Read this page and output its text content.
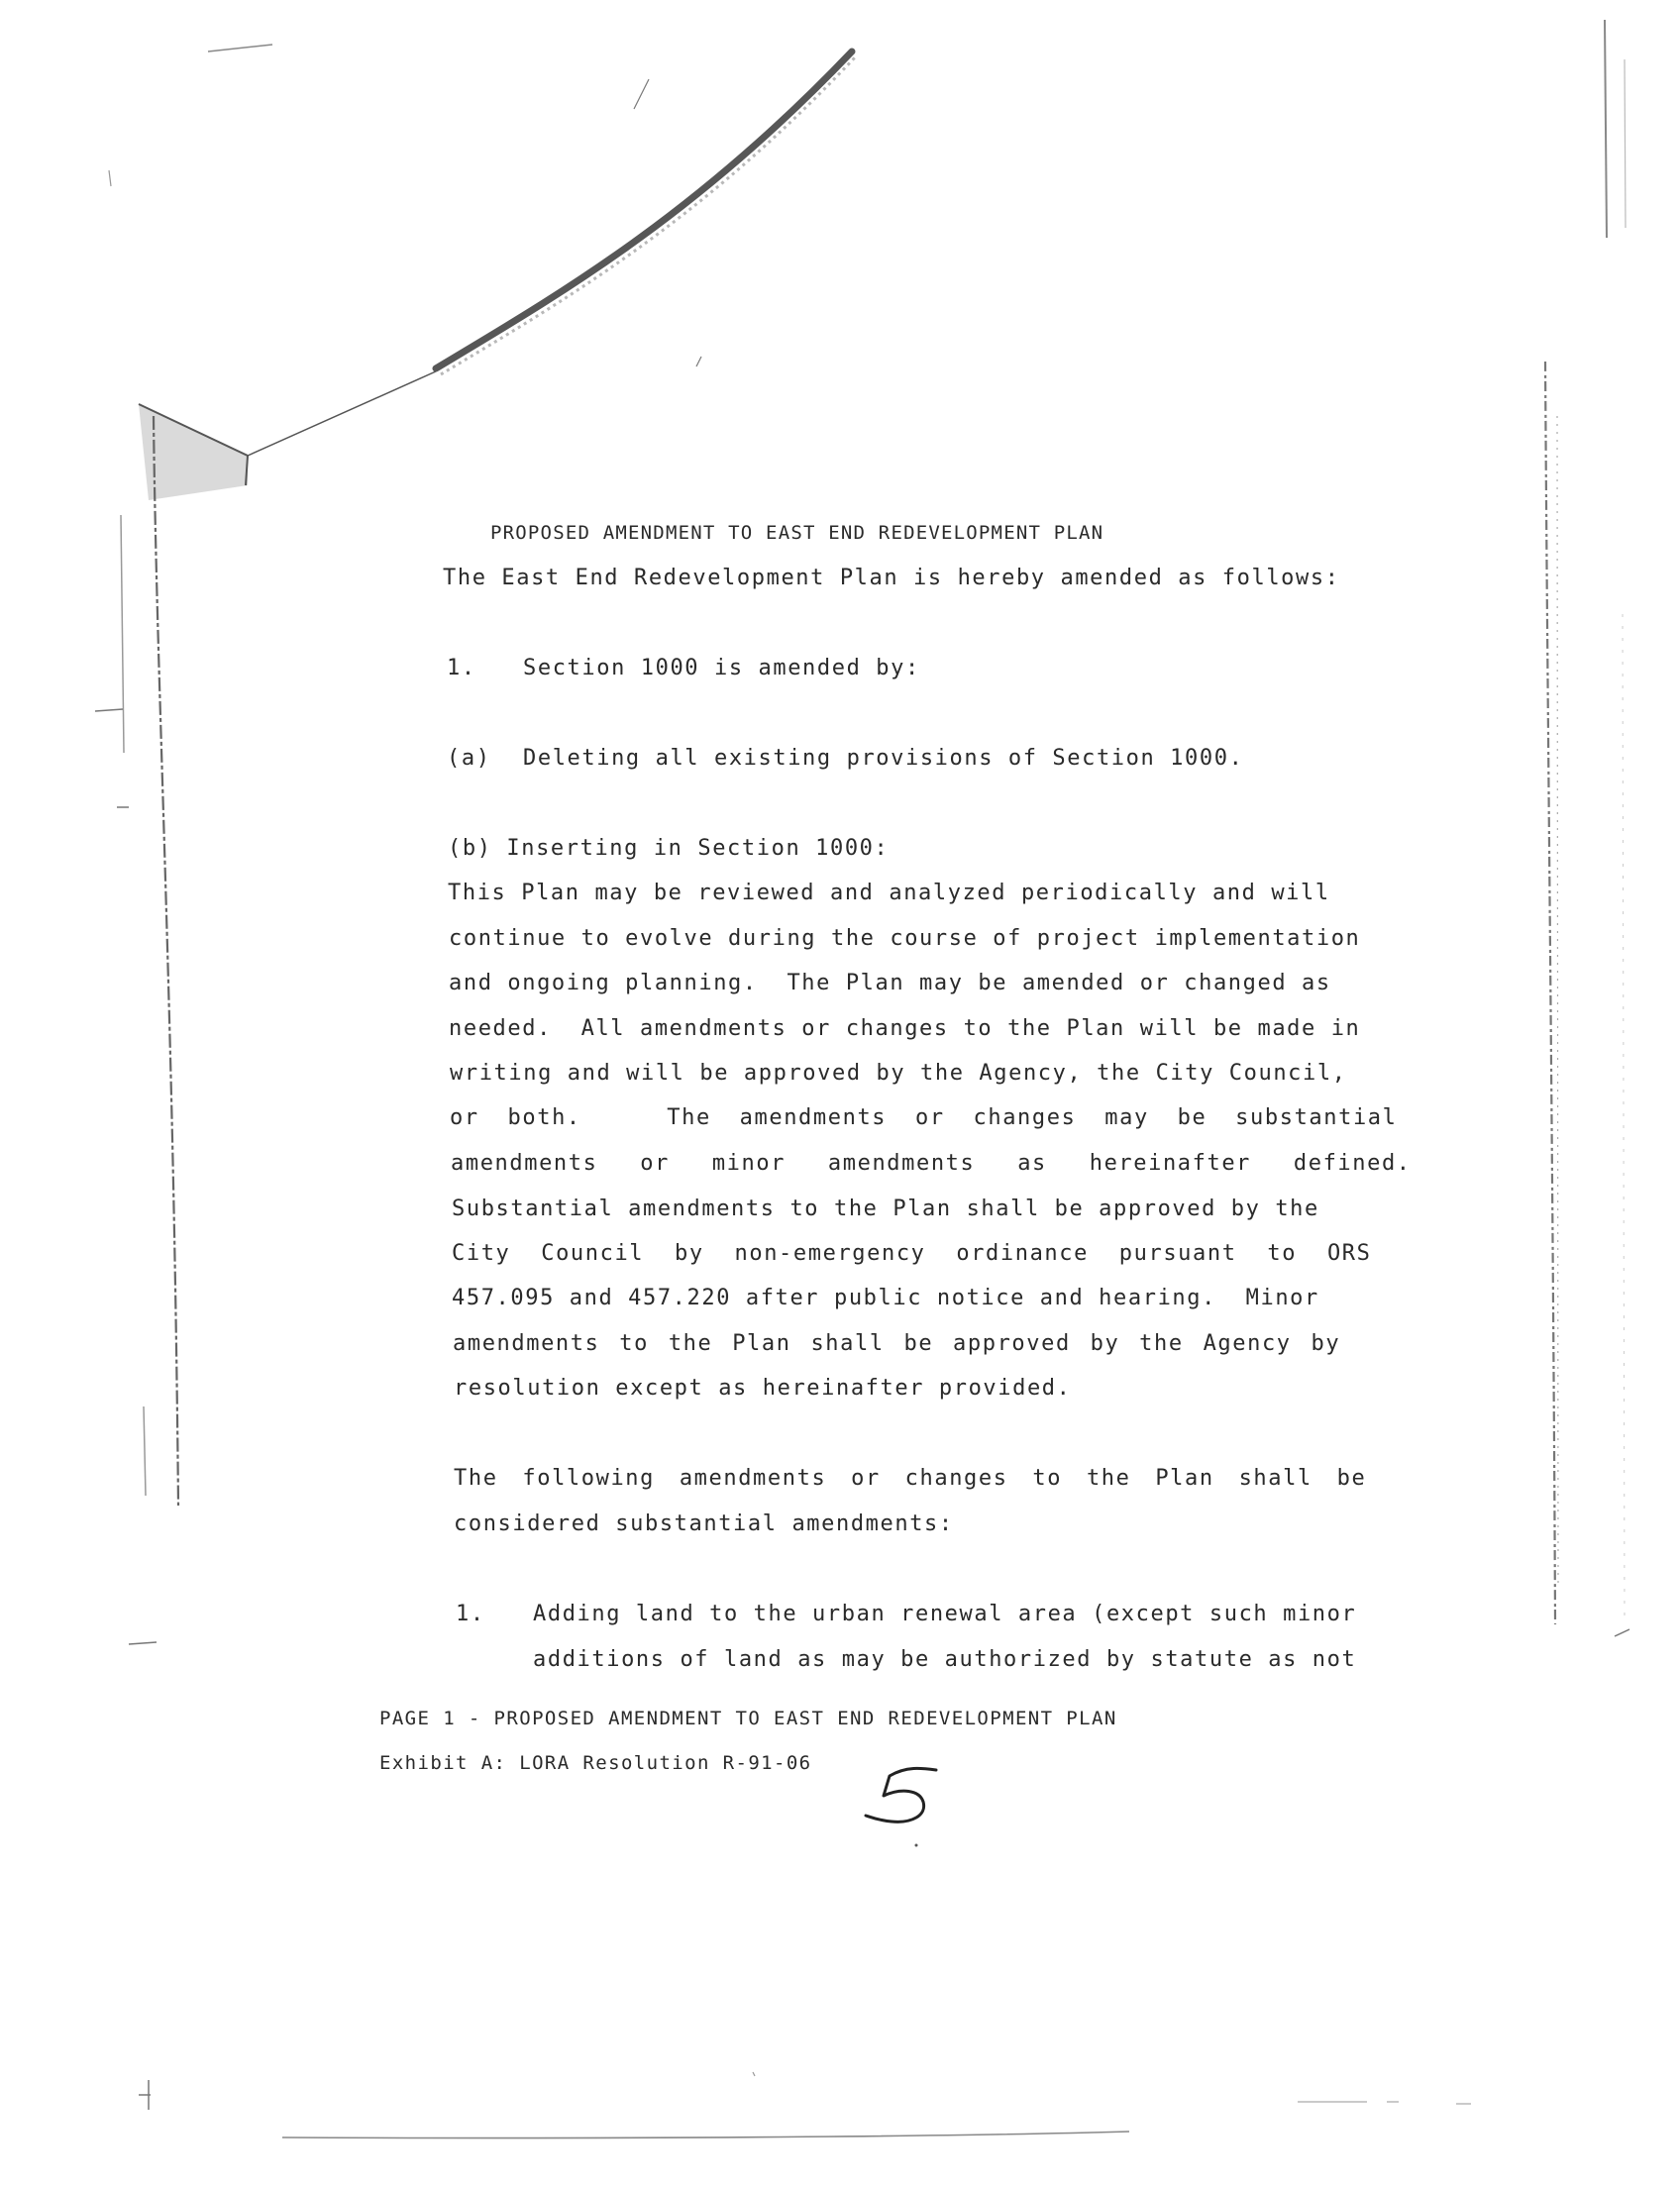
PROPOSED AMENDMENT TO EAST END REDEVELOPMENT PLAN
The East End Redevelopment Plan is hereby amended as follows:
1. Section 1000 is amended by:
(a) Deleting all existing provisions of Section 1000.
(b) Inserting in Section 1000:
This Plan may be reviewed and analyzed periodically and will
continue to evolve during the course of project implementation
and ongoing planning.  The Plan may be amended or changed as
needed.  All amendments or changes to the Plan will be made in
writing and will be approved by the Agency, the City Council,
or both.   The amendments or changes may be substantial
amendments or minor amendments as hereinafter defined.
Substantial amendments to the Plan shall be approved by the
City Council by non-emergency ordinance pursuant to ORS
457.095 and 457.220 after public notice and hearing.  Minor
amendments to the Plan shall be approved by the Agency by
resolution except as hereinafter provided.
The following amendments or changes to the Plan shall be
considered substantial amendments:
1. Adding land to the urban renewal area (except such minor
additions of land as may be authorized by statute as not
PAGE 1 - PROPOSED AMENDMENT TO EAST END REDEVELOPMENT PLAN
Exhibit A: LORA Resolution R-91-06
